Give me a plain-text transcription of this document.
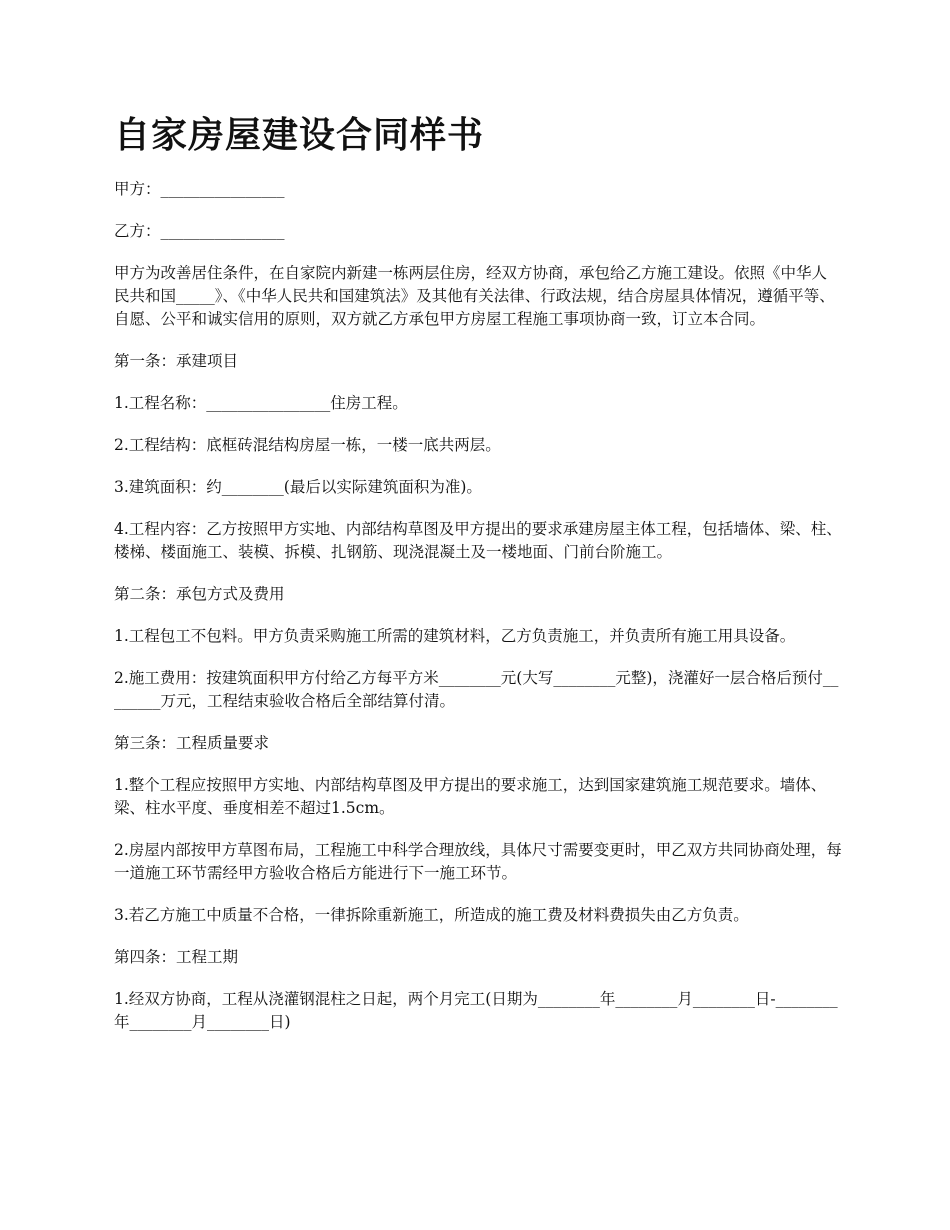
自家房屋建设合同样书

甲方：________________

乙方：________________

甲方为改善居住条件，在自家院内新建一栋两层住房，经双方协商，承包给乙方施工建设。依照《中华人民共和国_____》、《中华人民共和国建筑法》及其他有关法律、行政法规，结合房屋具体情况，遵循平等、自愿、公平和诚实信用的原则，双方就乙方承包甲方房屋工程施工事项协商一致，订立本合同。

第一条：承建项目

1.工程名称：________________住房工程。

2.工程结构：底框砖混结构房屋一栋，一楼一底共两层。

3.建筑面积：约________(最后以实际建筑面积为准)。

4.工程内容：乙方按照甲方实地、内部结构草图及甲方提出的要求承建房屋主体工程，包括墙体、梁、柱、楼梯、楼面施工、装模、拆模、扎钢筋、现浇混凝土及一楼地面、门前台阶施工。

第二条：承包方式及费用

1.工程包工不包料。甲方负责采购施工所需的建筑材料，乙方负责施工，并负责所有施工用具设备。

2.施工费用：按建筑面积甲方付给乙方每平方米________元(大写________元整)，浇灌好一层合格后预付________万元，工程结束验收合格后全部结算付清。

第三条：工程质量要求

1.整个工程应按照甲方实地、内部结构草图及甲方提出的要求施工，达到国家建筑施工规范要求。墙体、梁、柱水平度、垂度相差不超过1.5cm。

2.房屋内部按甲方草图布局，工程施工中科学合理放线，具体尺寸需要变更时，甲乙双方共同协商处理，每一道施工环节需经甲方验收合格后方能进行下一施工环节。

3.若乙方施工中质量不合格，一律拆除重新施工，所造成的施工费及材料费损失由乙方负责。

第四条：工程工期

1.经双方协商，工程从浇灌钢混柱之日起，两个月完工(日期为________年________月________日-________年________月________日)
